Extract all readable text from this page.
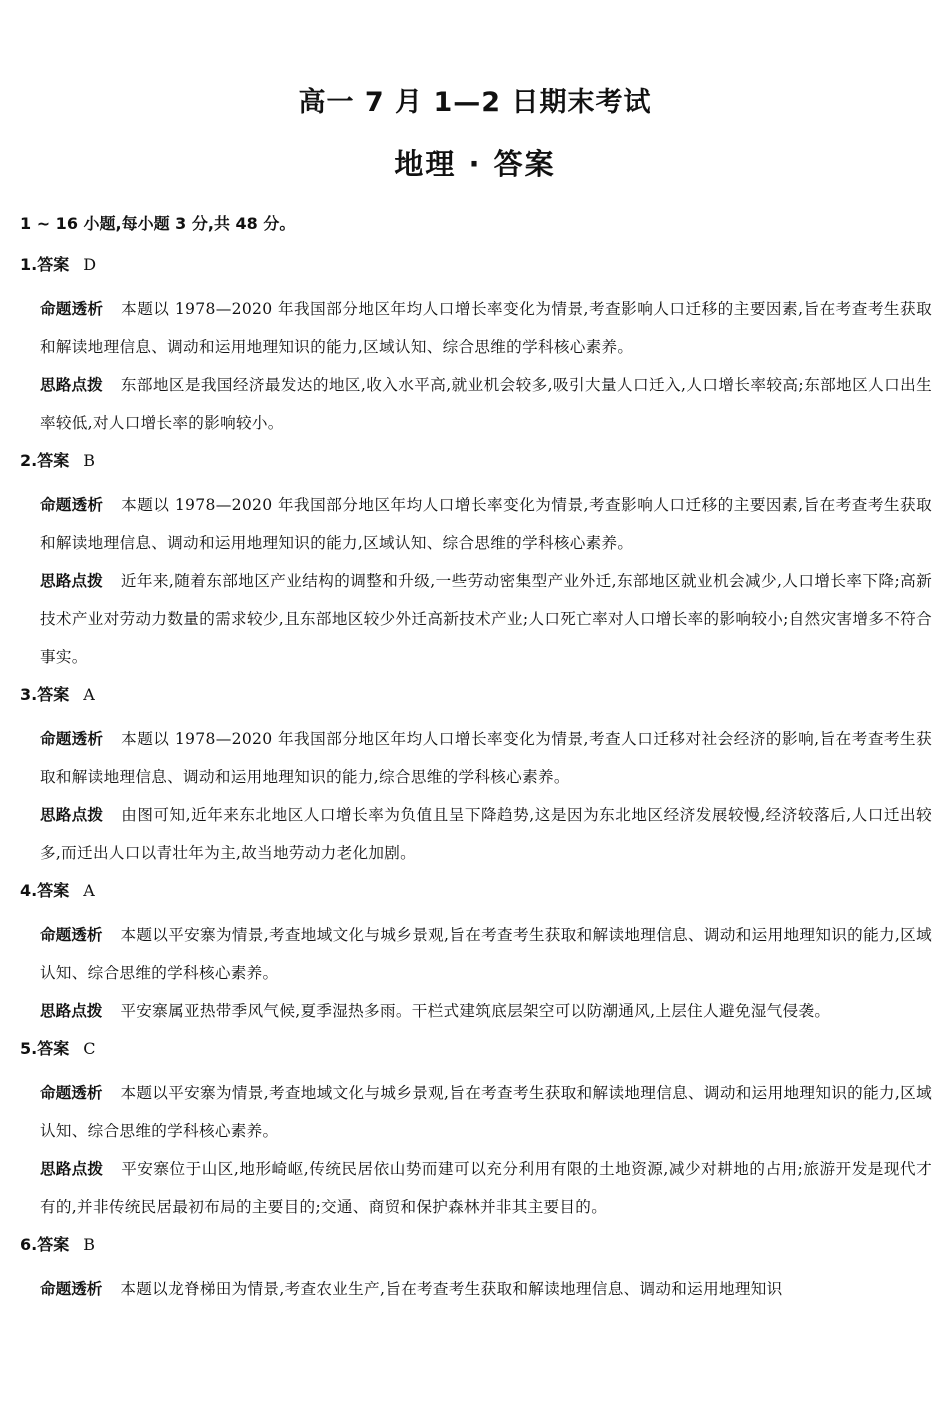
高一 7 月 1—2 日期末考试
地理 · 答案

1 ~ 16 小题,每小题 3 分,共 48 分。

1.答案 D

命题透析 本题以 1978—2020 年我国部分地区年均人口增长率变化为情景,考查影响人口迁移的主要因素,旨在考查考生获取和解读地理信息、调动和运用地理知识的能力,区域认知、综合思维的学科核心素养。

思路点拨 东部地区是我国经济最发达的地区,收入水平高,就业机会较多,吸引大量人口迁入,人口增长率较高;东部地区人口出生率较低,对人口增长率的影响较小。

2.答案 B

命题透析 本题以 1978—2020 年我国部分地区年均人口增长率变化为情景,考查影响人口迁移的主要因素,旨在考查考生获取和解读地理信息、调动和运用地理知识的能力,区域认知、综合思维的学科核心素养。

思路点拨 近年来,随着东部地区产业结构的调整和升级,一些劳动密集型产业外迁,东部地区就业机会减少,人口增长率下降;高新技术产业对劳动力数量的需求较少,且东部地区较少外迁高新技术产业;人口死亡率对人口增长率的影响较小;自然灾害增多不符合事实。

3.答案 A

命题透析 本题以 1978—2020 年我国部分地区年均人口增长率变化为情景,考查人口迁移对社会经济的影响,旨在考查考生获取和解读地理信息、调动和运用地理知识的能力,综合思维的学科核心素养。

思路点拨 由图可知,近年来东北地区人口增长率为负值且呈下降趋势,这是因为东北地区经济发展较慢,经济较落后,人口迁出较多,而迁出人口以青壮年为主,故当地劳动力老化加剧。

4.答案 A

命题透析 本题以平安寨为情景,考查地域文化与城乡景观,旨在考查考生获取和解读地理信息、调动和运用地理知识的能力,区域认知、综合思维的学科核心素养。

思路点拨 平安寨属亚热带季风气候,夏季湿热多雨。干栏式建筑底层架空可以防潮通风,上层住人避免湿气侵袭。

5.答案 C

命题透析 本题以平安寨为情景,考查地域文化与城乡景观,旨在考查考生获取和解读地理信息、调动和运用地理知识的能力,区域认知、综合思维的学科核心素养。

思路点拨 平安寨位于山区,地形崎岖,传统民居依山势而建可以充分利用有限的土地资源,减少对耕地的占用;旅游开发是现代才有的,并非传统民居最初布局的主要目的;交通、商贸和保护森林并非其主要目的。

6.答案 B

命题透析 本题以龙脊梯田为情景,考查农业生产,旨在考查考生获取和解读地理信息、调动和运用地理知识
